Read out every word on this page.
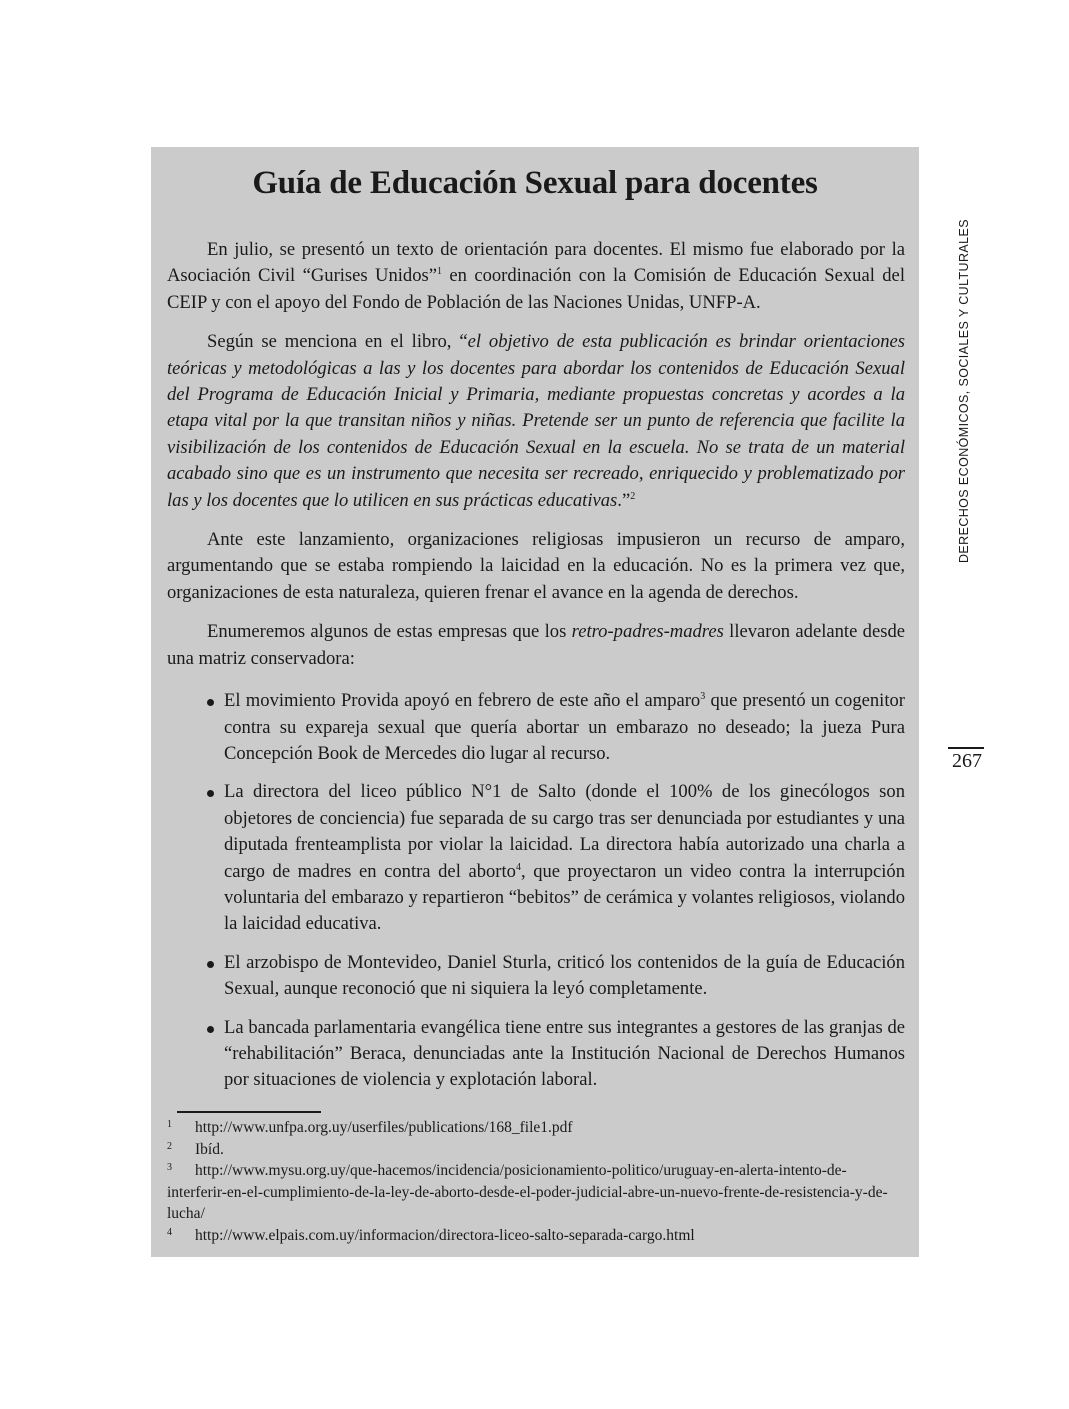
Guía de Educación Sexual para docentes

En julio, se presentó un texto de orientación para docentes. El mismo fue elaborado por la Asociación Civil “Gurises Unidos”$^1$ en coordinación con la Comisión de Educación Sexual del CEIP y con el apoyo del Fondo de Población de las Naciones Unidas, UNFP-A.

Según se menciona en el libro, “el objetivo de esta publicación es brindar orientaciones teóricas y metodológicas a las y los docentes para abordar los contenidos de Educación Sexual del Programa de Educación Inicial y Primaria, mediante propuestas concretas y acordes a la etapa vital por la que transitan niños y niñas. Pretende ser un punto de referencia que facilite la visibilización de los contenidos de Educación Sexual en la escuela. No se trata de un material acabado sino que es un instrumento que necesita ser recreado, enriquecido y problematizado por las y los docentes que lo utilicen en sus prácticas educativas.”$^2$

Ante este lanzamiento, organizaciones religiosas impusieron un recurso de amparo, argumentando que se estaba rompiendo la laicidad en la educación. No es la primera vez que, organizaciones de esta naturaleza, quieren frenar el avance en la agenda de derechos.

Enumeremos algunos de estas empresas que los retro-padres-madres llevaron adelante desde una matriz conservadora:

El movimiento Provida apoyó en febrero de este año el amparo$^3$ que presentó un cogenitor contra su expareja sexual que quería abortar un embarazo no deseado; la jueza Pura Concepción Book de Mercedes dio lugar al recurso.
La directora del liceo público N°1 de Salto (donde el 100% de los ginecólogos son objetores de conciencia) fue separada de su cargo tras ser denunciada por estudiantes y una diputada frenteamplista por violar la laicidad. La directora había autorizado una charla a cargo de madres en contra del aborto$^4$, que proyectaron un video contra la interrupción voluntaria del embarazo y repartieron “bebitos” de cerámica y volantes religiosos, violando la laicidad educativa.
El arzobispo de Montevideo, Daniel Sturla, criticó los contenidos de la guía de Educación Sexual, aunque reconoció que ni siquiera la leyó completamente.
La bancada parlamentaria evangélica tiene entre sus integrantes a gestores de las granjas de “rehabilitación” Beraca, denunciadas ante la Institución Nacional de Derechos Humanos por situaciones de violencia y explotación laboral.
1 http://www.unfpa.org.uy/userfiles/publications/168_file1.pdf
2 Ibíd.
3 http://www.mysu.org.uy/que-hacemos/incidencia/posicionamiento-politico/uruguay-en-alerta-intento-de-interferir-en-el-cumplimiento-de-la-ley-de-aborto-desde-el-poder-judicial-abre-un-nuevo-frente-de-resistencia-y-de-lucha/
4 http://www.elpais.com.uy/informacion/directora-liceo-salto-separada-cargo.html
DERECHOS ECONÓMICOS, SOCIALES Y CULTURALES
267
